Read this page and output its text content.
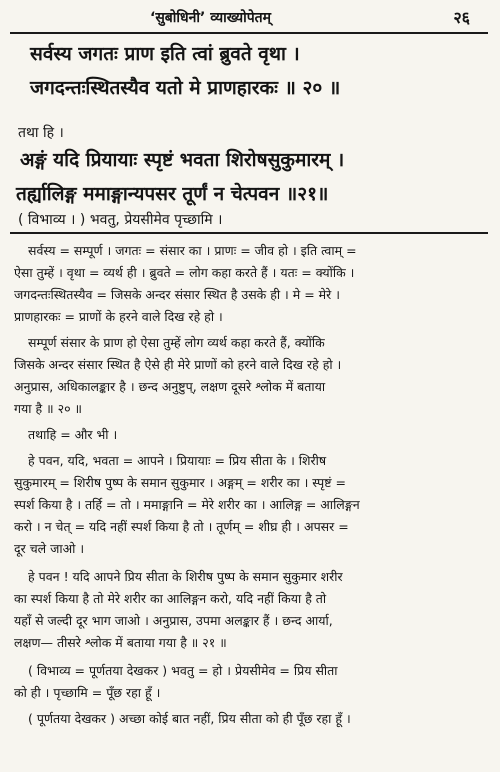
‘सुबोधिनी’ व्याख्योपेतम्	२६
सर्वस्य जगतः प्राण इति त्वां ब्रुवते वृथा ।
जगदन्तःस्थितस्यैव यतो मे प्राणहारकः ॥ २० ॥
तथा हि ।
अङ्गं यदि प्रियायाः स्पृष्टं भवता शिरोषसुकुमारम् ।
तर्ह्यालिङ्ग ममाङ्गान्यपसर तूर्णं न चेत्पवन ॥२१॥
( विभाव्य । ) भवतु, प्रेयसीमेव पृच्छामि ।
सर्वस्य = सम्पूर्ण । जगतः = संसार का । प्राणः = जीव हो । इति त्वाम् =
ऐसा तुम्हें । वृथा = व्यर्थ ही । ब्रुवते = लोग कहा करते हैं । यतः = क्योंकि ।
जगदन्तःस्थितस्यैव = जिसके अन्दर संसार स्थित है उसके ही । मे = मेरे ।
प्राणहारकः = प्राणों के हरने वाले दिख रहे हो ।
सम्पूर्ण संसार के प्राण हो ऐसा तुम्हें लोग व्यर्थ कहा करते हैं, क्योंकि
जिसके अन्दर संसार स्थित है ऐसे ही मेरे प्राणों को हरने वाले दिख रहे हो ।
अनुप्रास, अधिकालङ्कार है । छन्द अनुष्टुप्, लक्षण दूसरे श्लोक में बताया
गया है ॥ २० ॥
तथाहि = और भी ।
हे पवन, यदि, भवता = आपने । प्रियायाः = प्रिय सीता के । शिरीष
सुकुमारम् = शिरीष पुष्प के समान सुकुमार । अङ्गम् = शरीर का । स्पृष्टं =
स्पर्श किया है । तर्हि = तो । ममाङ्गानि = मेरे शरीर का । आलिङ्ग = आलिङ्गन
करो । न चेत् = यदि नहीं स्पर्श किया है तो । तूर्णम् = शीघ्र ही । अपसर =
दूर चले जाओ ।
हे पवन ! यदि आपने प्रिय सीता के शिरीष पुष्प के समान सुकुमार शरीर
का स्पर्श किया है तो मेरे शरीर का आलिङ्गन करो, यदि नहीं किया है तो
यहाँ से जल्दी दूर भाग जाओ । अनुप्रास, उपमा अलङ्कार हैं । छन्द आर्या,
लक्षण— तीसरे श्लोक में बताया गया है ॥ २१ ॥
( विभाव्य = पूर्णतया देखकर ) भवतु = हो । प्रेयसीमेव = प्रिय सीता
को ही । पृच्छामि = पूँछ रहा हूँ ।
( पूर्णतया देखकर ) अच्छा कोई बात नहीं, प्रिय सीता को ही पूँछ रहा हूँ ।
